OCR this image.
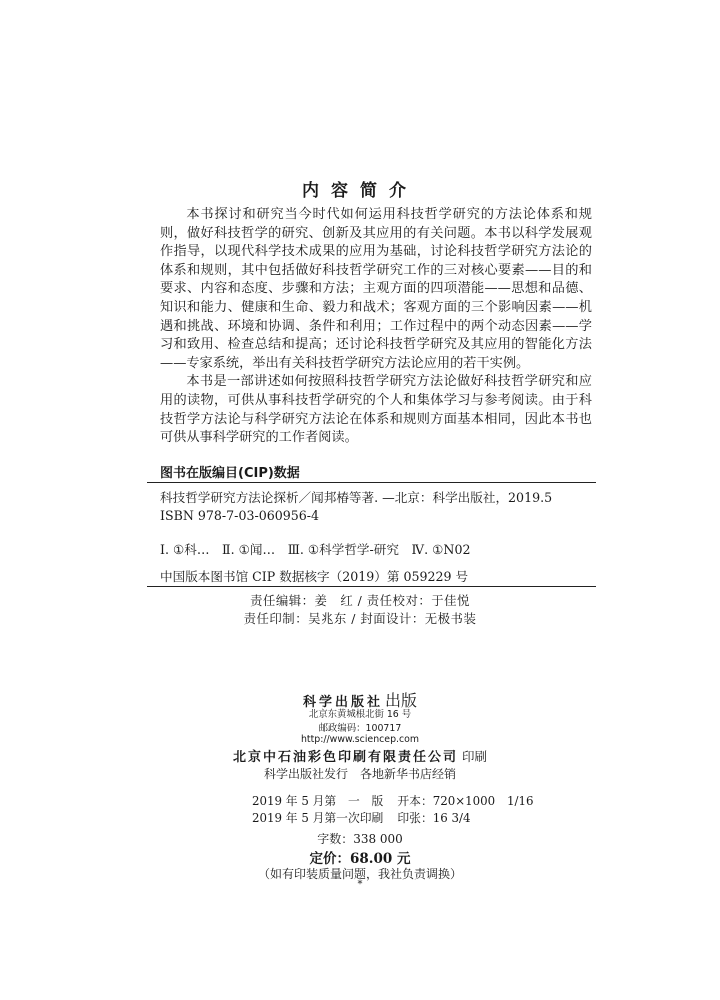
内容简介

本书探讨和研究当今时代如何运用科技哲学研究的方法论体系和规则，做好科技哲学的研究、创新及其应用的有关问题。本书以科学发展观作指导，以现代科学技术成果的应用为基础，讨论科技哲学研究方法论的体系和规则，其中包括做好科技哲学研究工作的三对核心要素——目的和要求、内容和态度、步骤和方法；主观方面的四项潜能——思想和品德、知识和能力、健康和生命、毅力和战术；客观方面的三个影响因素——机遇和挑战、环境和协调、条件和利用；工作过程中的两个动态因素——学习和致用、检查总结和提高；还讨论科技哲学研究及其应用的智能化方法——专家系统，举出有关科技哲学研究方法论应用的若干实例。

本书是一部讲述如何按照科技哲学研究方法论做好科技哲学研究和应用的读物，可供从事科技哲学研究的个人和集体学习与参考阅读。由于科技哲学方法论与科学研究方法论在体系和规则方面基本相同，因此本书也可供从事科学研究的工作者阅读。

图书在版编目(CIP)数据
科技哲学研究方法论探析／闻邦椿等著. —北京：科学出版社，2019.5
ISBN 978-7-03-060956-4
Ⅰ. ①科…　Ⅱ. ①闻…　Ⅲ. ①科学哲学-研究　Ⅳ. ①N02
中国版本图书馆 CIP 数据核字（2019）第 059229 号
责任编辑：姜　红 / 责任校对：于佳悦
责任印制：吴兆东 / 封面设计：无极书装
科学出版社 出版
北京东黄城根北街 16 号
邮政编码：100717
http://www.sciencep.com
北京中石油彩色印刷有限责任公司 印刷
科学出版社发行　各地新华书店经销
2019 年 5 月第　一　版 开本：720×1000　1/16
2019 年 5 月第一次印刷 印张：16 3/4
字数：338 000
定价：68.00 元
（如有印装质量问题，我社负责调换）
*
